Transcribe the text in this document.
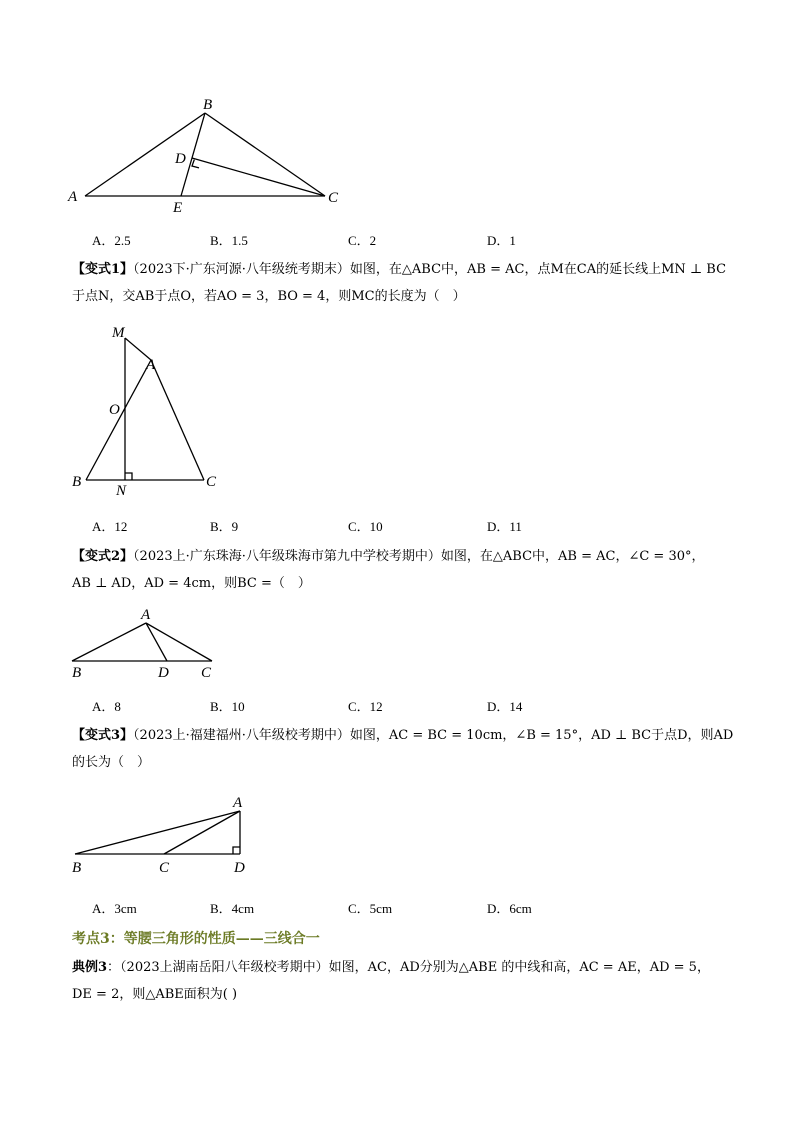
A
B
C
D
E
A．2.5	B．1.5	C．2	D．1
【变式1】（2023下·广东河源·八年级统考期末）如图，在△ABC中，AB = AC，点M在CA的延长线上MN ⊥ BC
于点N，交AB于点O，若AO = 3，BO = 4，则MC的长度为（　）
M
A
O
B
N
C
A．12	B．9	C．10	D．11
【变式2】（2023上·广东珠海·八年级珠海市第九中学校考期中）如图，在△ABC中，AB = AC，∠C = 30°，
AB ⊥ AD，AD = 4cm，则BC =（　）
A
B	D C
A．8	B．10	C．12	D．14
【变式3】（2023上·福建福州·八年级校考期中）如图，AC = BC = 10cm，∠B = 15°，AD ⊥ BC于点D，则AD
的长为（　）
A
B	C	D
A．3cm	B．4cm	C．5cm	D．6cm
考点3：等腰三角形的性质——三线合一
典例3：（2023上湖南岳阳八年级校考期中）如图，AC，AD分别为△ABE 的中线和高，AC = AE，AD = 5，
DE = 2，则△ABE面积为( )
